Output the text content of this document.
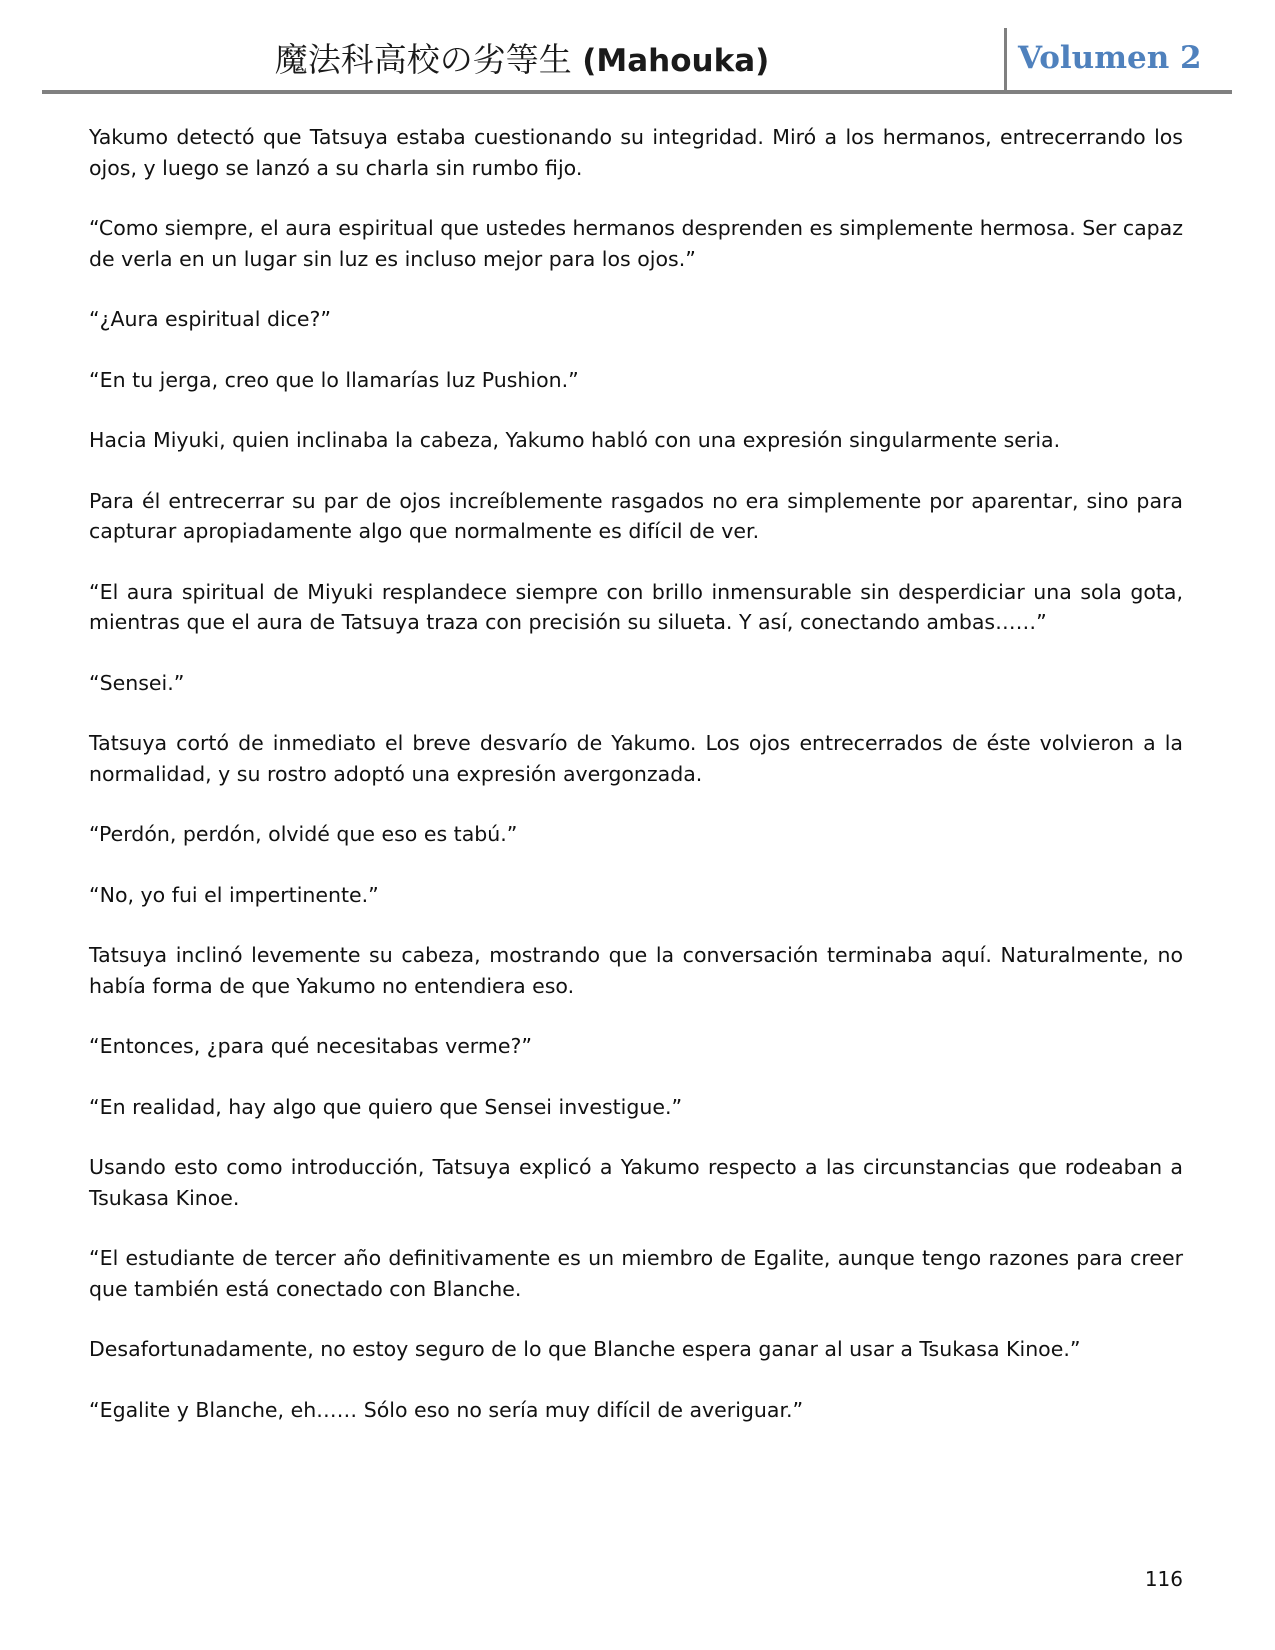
魔法科高校の劣等生 (Mahouka)	Volumen 2

Yakumo detectó que Tatsuya estaba cuestionando su integridad. Miró a los hermanos, entrecerrando los ojos, y luego se lanzó a su charla sin rumbo fijo.

“Como siempre, el aura espiritual que ustedes hermanos desprenden es simplemente hermosa. Ser capaz de verla en un lugar sin luz es incluso mejor para los ojos.”

“¿Aura espiritual dice?”

“En tu jerga, creo que lo llamarías luz Pushion.”

Hacia Miyuki, quien inclinaba la cabeza, Yakumo habló con una expresión singularmente seria.

Para él entrecerrar su par de ojos increíblemente rasgados no era simplemente por aparentar, sino para capturar apropiadamente algo que normalmente es difícil de ver.

“El aura spiritual de Miyuki resplandece siempre con brillo inmensurable sin desperdiciar una sola gota, mientras que el aura de Tatsuya traza con precisión su silueta. Y así, conectando ambas……”

“Sensei.”

Tatsuya cortó de inmediato el breve desvarío de Yakumo. Los ojos entrecerrados de éste volvieron a la normalidad, y su rostro adoptó una expresión avergonzada.

“Perdón, perdón, olvidé que eso es tabú.”

“No, yo fui el impertinente.”

Tatsuya inclinó levemente su cabeza, mostrando que la conversación terminaba aquí. Naturalmente, no había forma de que Yakumo no entendiera eso.

“Entonces, ¿para qué necesitabas verme?”

“En realidad, hay algo que quiero que Sensei investigue.”

Usando esto como introducción, Tatsuya explicó a Yakumo respecto a las circunstancias que rodeaban a Tsukasa Kinoe.

“El estudiante de tercer año definitivamente es un miembro de Egalite, aunque tengo razones para creer que también está conectado con Blanche.

Desafortunadamente, no estoy seguro de lo que Blanche espera ganar al usar a Tsukasa Kinoe.”

“Egalite y Blanche, eh…… Sólo eso no sería muy difícil de averiguar.”

116
